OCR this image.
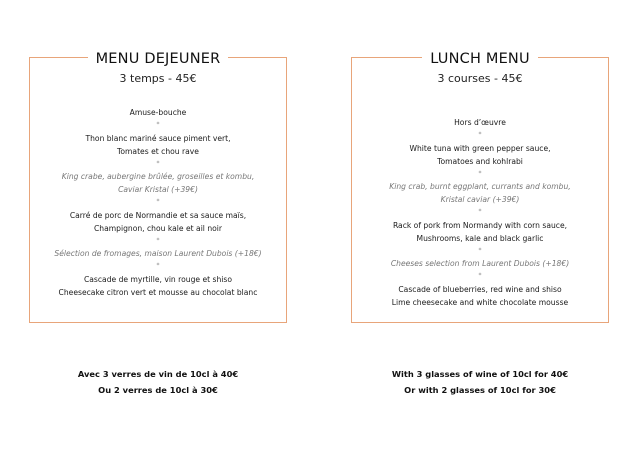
MENU DEJEUNER
3 temps - 45€
Amuse-bouche
*
Thon blanc mariné sauce piment vert,
Tomates et chou rave
*
King crabe, aubergine brûlée, groseilles et kombu,
Caviar Kristal (+39€)
*
Carré de porc de Normandie et sa sauce maïs,
Champignon, chou kale et ail noir
*
Sélection de fromages, maison Laurent Dubois (+18€)
*
Cascade de myrtille, vin rouge et shiso
Cheesecake citron vert et mousse au chocolat blanc
LUNCH MENU
3 courses - 45€
Hors d’œuvre
*
White tuna with green pepper sauce,
Tomatoes and kohlrabi
*
King crab, burnt eggplant, currants and kombu,
Kristal caviar (+39€)
*
Rack of pork from Normandy with corn sauce,
Mushrooms, kale and black garlic
*
Cheeses selection from Laurent Dubois (+18€)
*
Cascade of blueberries, red wine and shiso
Lime cheesecake and white chocolate mousse
Avec 3 verres de vin de 10cl à 40€
Ou 2 verres de 10cl à 30€
With 3 glasses of wine of 10cl for 40€
Or with 2 glasses of 10cl for 30€
